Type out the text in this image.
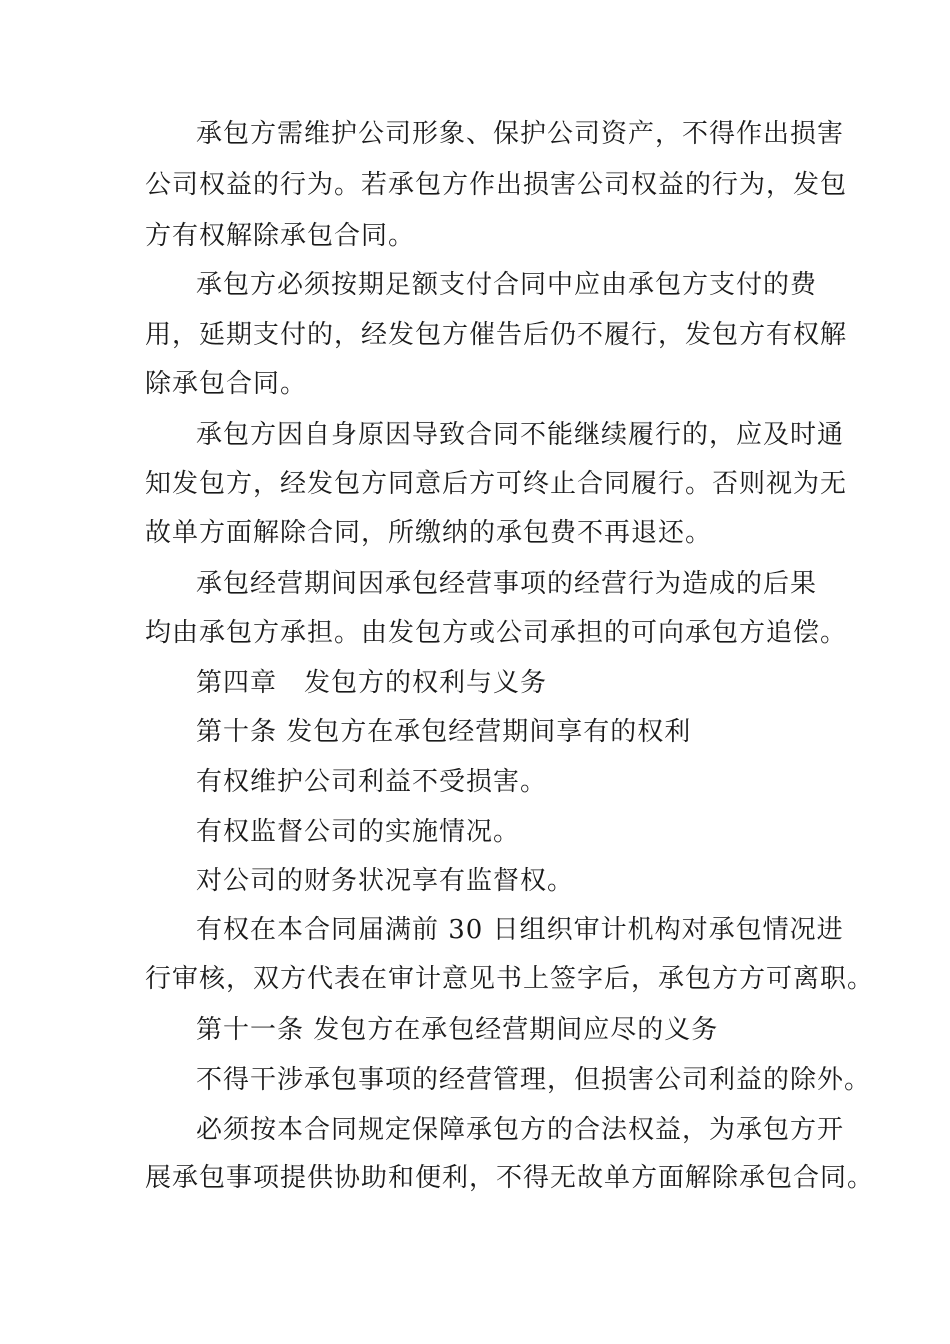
承包方需维护公司形象、保护公司资产，不得作出损害
公司权益的行为。若承包方作出损害公司权益的行为，发包
方有权解除承包合同。
承包方必须按期足额支付合同中应由承包方支付的费
用，延期支付的，经发包方催告后仍不履行，发包方有权解
除承包合同。
承包方因自身原因导致合同不能继续履行的，应及时通
知发包方，经发包方同意后方可终止合同履行。否则视为无
故单方面解除合同，所缴纳的承包费不再退还。
承包经营期间因承包经营事项的经营行为造成的后果
均由承包方承担。由发包方或公司承担的可向承包方追偿。
第四章　发包方的权利与义务
第十条 发包方在承包经营期间享有的权利
有权维护公司利益不受损害。
有权监督公司的实施情况。
对公司的财务状况享有监督权。
有权在本合同届满前 30 日组织审计机构对承包情况进
行审核，双方代表在审计意见书上签字后，承包方方可离职。
第十一条 发包方在承包经营期间应尽的义务
不得干涉承包事项的经营管理，但损害公司利益的除外。
必须按本合同规定保障承包方的合法权益，为承包方开
展承包事项提供协助和便利，不得无故单方面解除承包合同。
